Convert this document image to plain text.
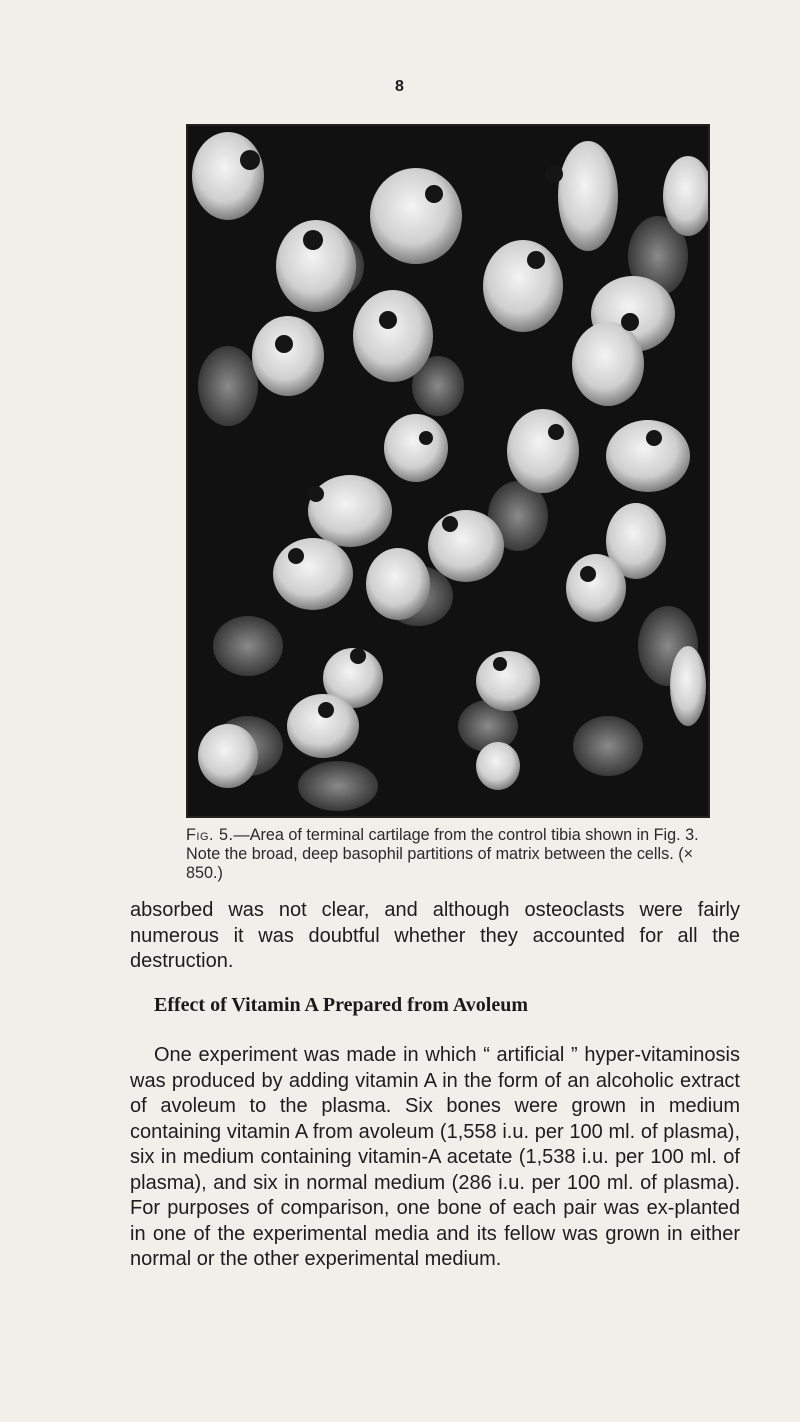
8
Fig. 5.—Area of terminal cartilage from the control tibia shown in Fig. 3. Note the broad, deep basophil partitions of matrix between the cells. (× 850.)
absorbed was not clear, and although osteoclasts were fairly numerous it was doubtful whether they accounted for all the destruction.
Effect of Vitamin A Prepared from Avoleum
One experiment was made in which “ artificial ” hyper-vitaminosis was produced by adding vitamin A in the form of an alcoholic extract of avoleum to the plasma. Six bones were grown in medium containing vitamin A from avoleum (1,558 i.u. per 100 ml. of plasma), six in medium containing vitamin-A acetate (1,538 i.u. per 100 ml. of plasma), and six in normal medium (286 i.u. per 100 ml. of plasma). For purposes of comparison, one bone of each pair was ex-planted in one of the experimental media and its fellow was grown in either normal or the other experimental medium.
